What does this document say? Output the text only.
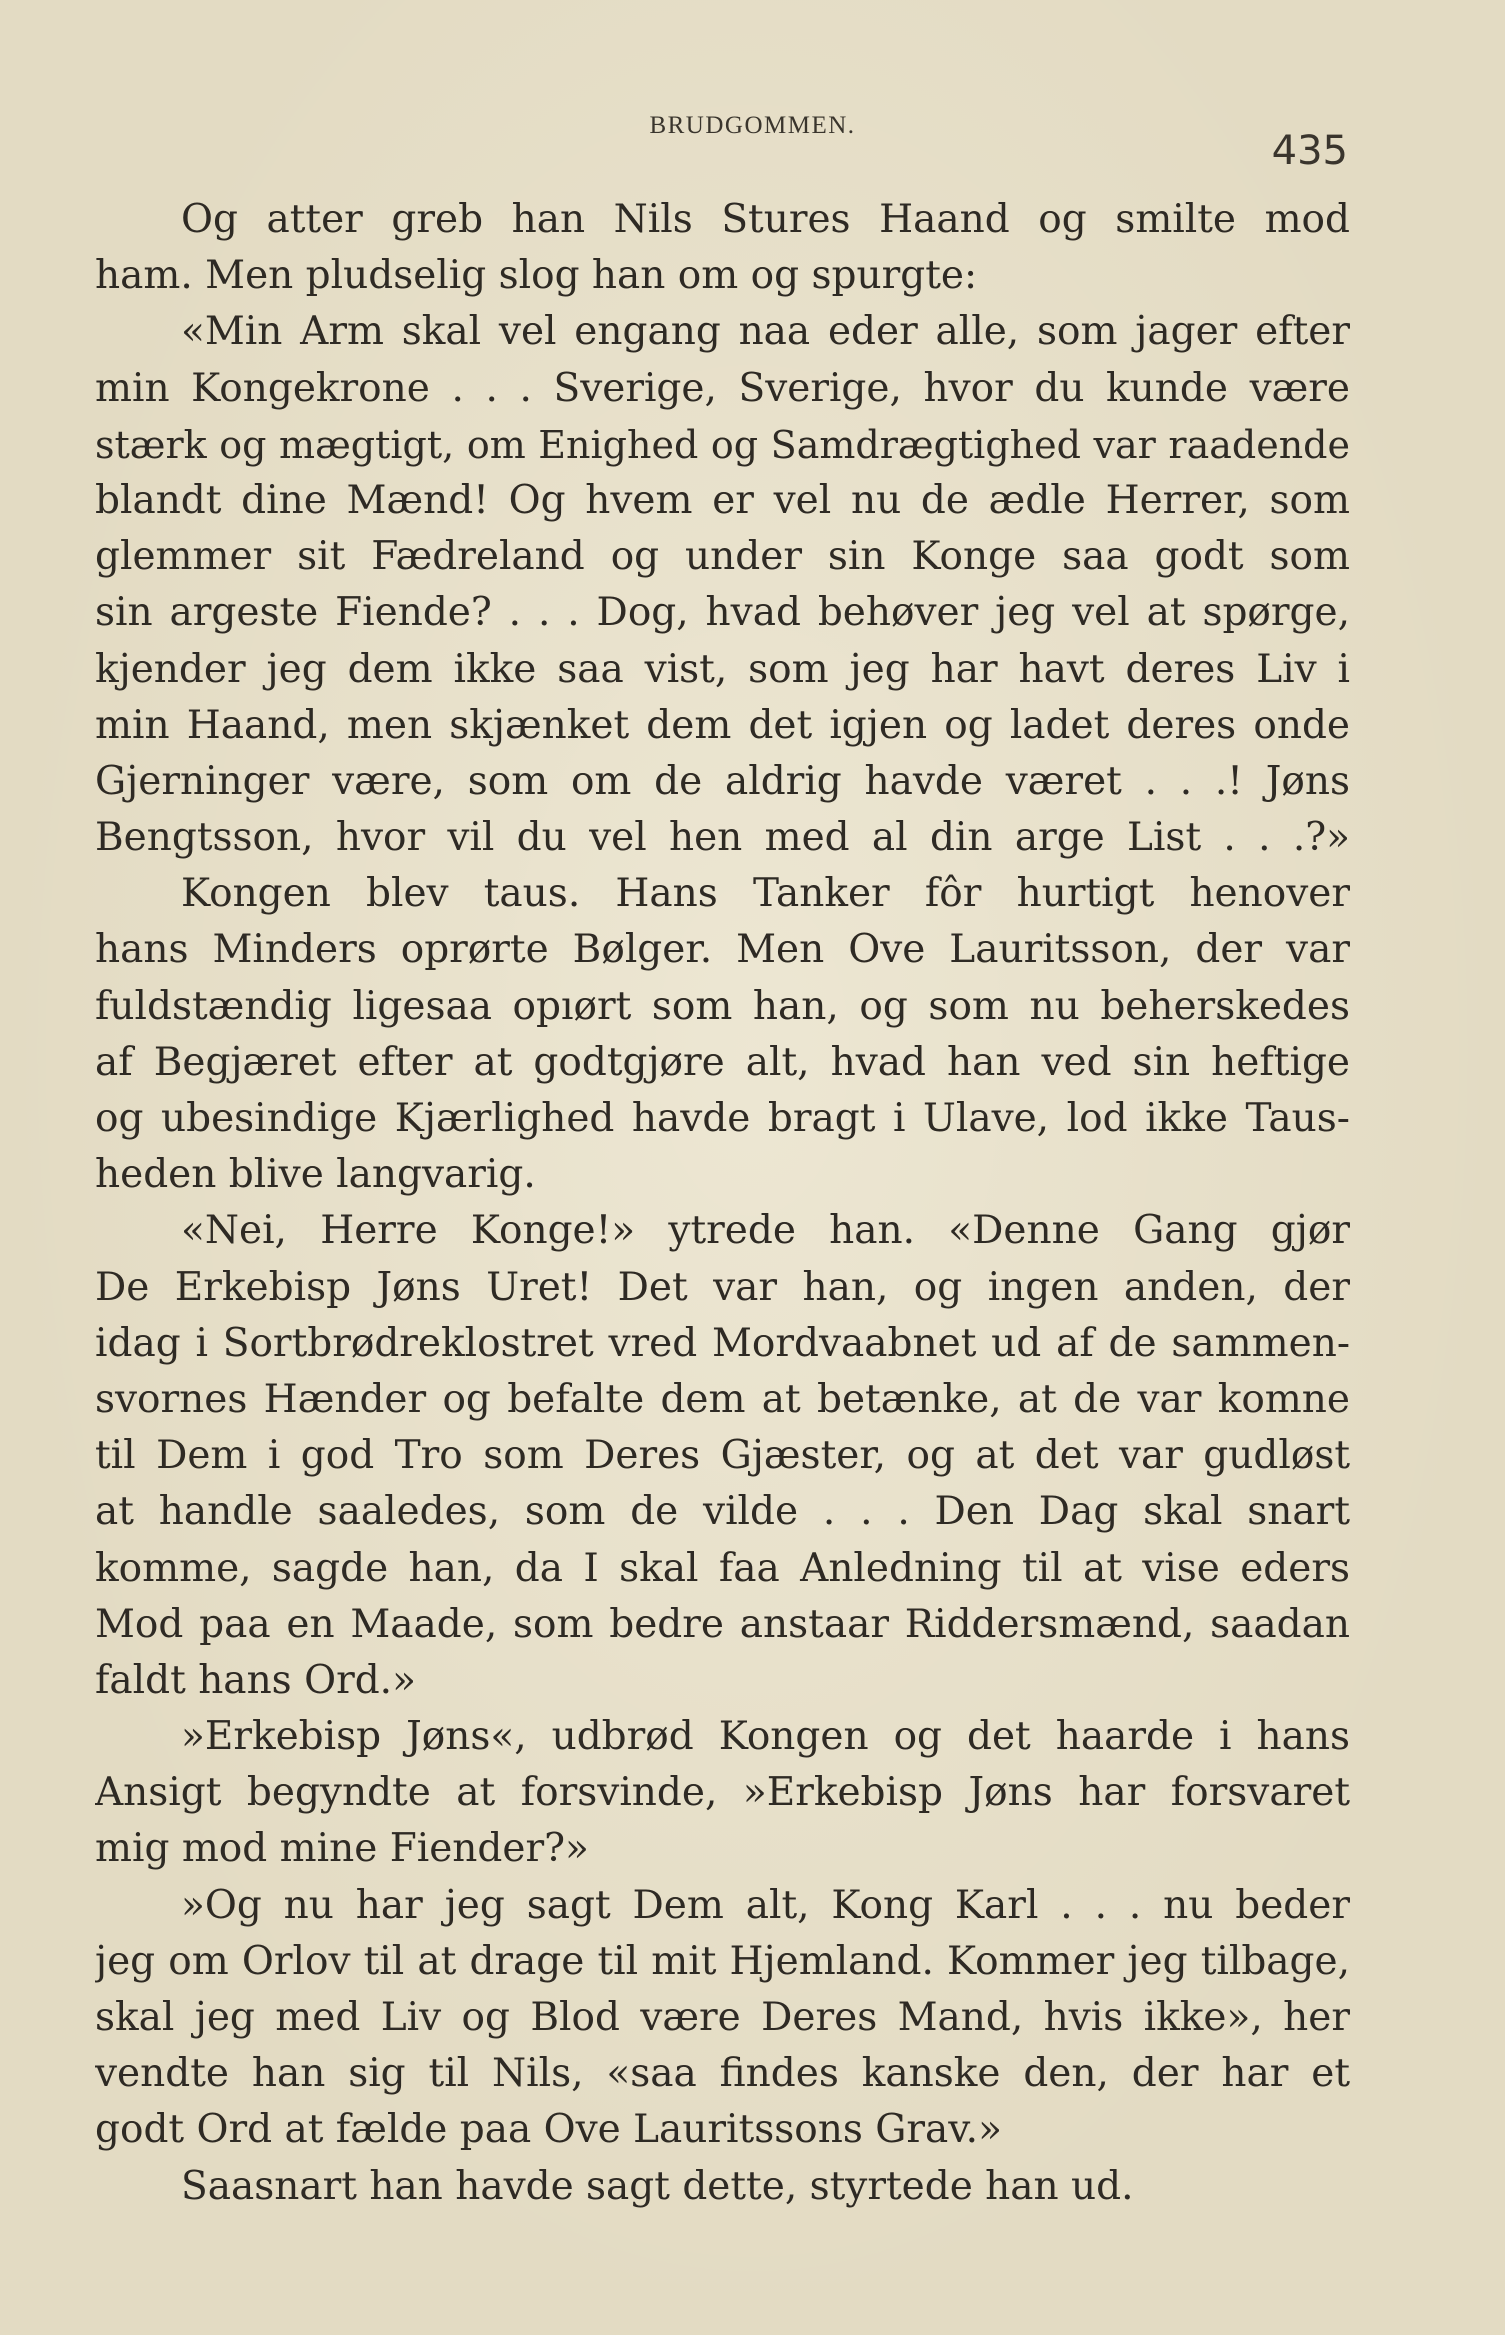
BRUDGOMMEN.
435
Og atter greb han Nils Stures Haand og smilte mod
ham. Men pludselig slog han om og spurgte:
«Min Arm skal vel engang naa eder alle, som jager efter
min Kongekrone . . . Sverige, Sverige, hvor du kunde være
stærk og mægtigt, om Enighed og Samdrægtighed var raadende
blandt dine Mænd! Og hvem er vel nu de ædle Herrer, som
glemmer sit Fædreland og under sin Konge saa godt som
sin argeste Fiende? . . . Dog, hvad behøver jeg vel at spørge,
kjender jeg dem ikke saa vist, som jeg har havt deres Liv i
min Haand, men skjænket dem det igjen og ladet deres onde
Gjerninger være, som om de aldrig havde været . . .! Jøns
Bengtsson, hvor vil du vel hen med al din arge List . . .?»
Kongen blev taus. Hans Tanker fôr hurtigt henover
hans Minders oprørte Bølger. Men Ove Lauritsson, der var
fuldstændig ligesaa opıørt som han, og som nu beherskedes
af Begjæret efter at godtgjøre alt, hvad han ved sin heftige
og ubesindige Kjærlighed havde bragt i Ulave, lod ikke Taus-
heden blive langvarig.
«Nei, Herre Konge!» ytrede han. «Denne Gang gjør
De Erkebisp Jøns Uret! Det var han, og ingen anden, der
idag i Sortbrødreklostret vred Mordvaabnet ud af de sammen-
svornes Hænder og befalte dem at betænke, at de var komne
til Dem i god Tro som Deres Gjæster, og at det var gudløst
at handle saaledes, som de vilde . . . Den Dag skal snart
komme, sagde han, da I skal faa Anledning til at vise eders
Mod paa en Maade, som bedre anstaar Riddersmænd, saadan
faldt hans Ord.»
»Erkebisp Jøns«, udbrød Kongen og det haarde i hans
Ansigt begyndte at forsvinde, »Erkebisp Jøns har forsvaret
mig mod mine Fiender?»
»Og nu har jeg sagt Dem alt, Kong Karl . . . nu beder
jeg om Orlov til at drage til mit Hjemland. Kommer jeg tilbage,
skal jeg med Liv og Blod være Deres Mand, hvis ikke», her
vendte han sig til Nils, «saa findes kanske den, der har et
godt Ord at fælde paa Ove Lauritssons Grav.»
Saasnart han havde sagt dette, styrtede han ud.
